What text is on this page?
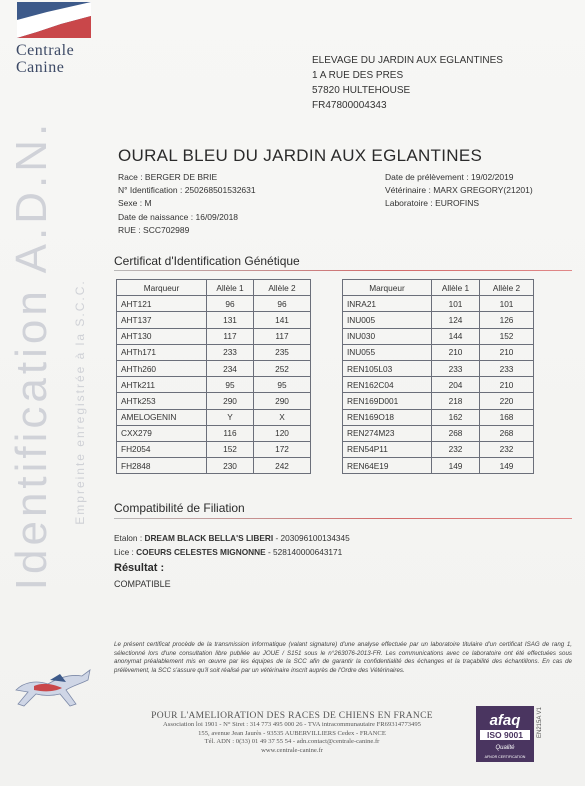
Centrale
Canine
Identification A.D.N. Empreinte enregistrée à la S.C.C.
ELEVAGE DU JARDIN AUX EGLANTINES
1 A RUE DES PRES
57820 HULTEHOUSE
FR47800004343
OURAL BLEU DU JARDIN AUX EGLANTINES
Race : BERGER DE BRIE
N° Identification : 250268501532631
Sexe : M
Date de naissance : 16/09/2018
RUE : SCC702989
Date de prélèvement : 19/02/2019
Vétérinaire : MARX GREGORY(21201)
Laboratoire : EUROFINS
Certificat d'Identification Génétique
Marqueur	Allèle 1	Allèle 2
AHT121	96	96
AHT137	131	141
AHT130	117	117
AHTh171	233	235
AHTh260	234	252
AHTk211	95	95
AHTk253	290	290
AMELOGENIN	Y	X
CXX279	116	120
FH2054	152	172
FH2848	230	242
Marqueur	Allèle 1	Allèle 2
INRA21	101	101
INU005	124	126
INU030	144	152
INU055	210	210
REN105L03	233	233
REN162C04	204	210
REN169D001	218	220
REN169O18	162	168
REN274M23	268	268
REN54P11	232	232
REN64E19	149	149
Compatibilité de Filiation
Etalon : DREAM BLACK BELLA'S LIBERI - 203096100134345
Lice : COEURS CELESTES MIGNONNE - 528140000643171
Résultat :
COMPATIBLE
Le présent certificat procède de la transmission informatique (valant signature) d'une analyse effectuée par un laboratoire titulaire d'un certificat ISAG de rang 1, sélectionné lors d'une consultation libre publiée au JOUE / S151 sous le n°263076-2013-FR. Les communications avec ce laboratoire ont été effectuées sous anonymat préalablement mis en œuvre par les équipes de la SCC afin de garantir la confidentialité des échanges et la traçabilité des échantillons. En cas de prélèvement, la SCC s'assure qu'il soit réalisé par un vétérinaire inscrit auprès de l'Ordre des Vétérinaires.
POUR L'AMELIORATION DES RACES DE CHIENS EN FRANCE
Association loi 1901 - N° Siret : 314 773 495 000 26 - TVA intracommunautaire FR69314773495
155, avenue Jean Jaurès - 93535 AUBERVILLIERS Cedex - FRANCE
Tél. ADN : 0(33) 01 49 37 55 54 - adn.contact@centrale-canine.fr
www.centrale-canine.fr
afaq
ISO 9001
Qualité
AFNOR CERTIFICATION
EN215A V1
